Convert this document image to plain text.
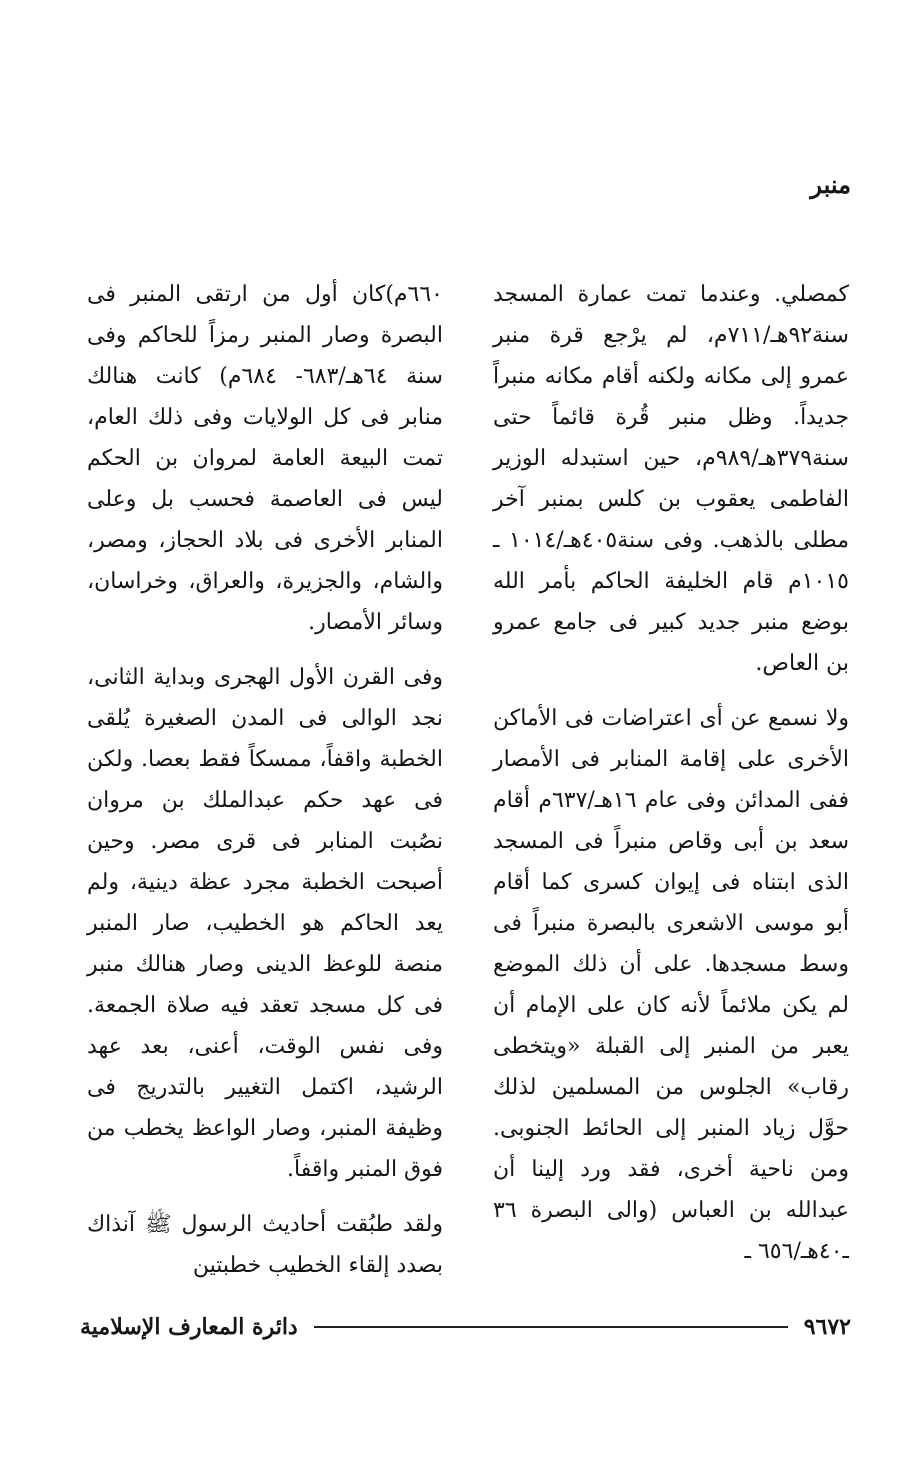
منبر

كمصلي. وعندما تمت عمارة المسجد سنة٩٢هـ/٧١١م، لم يرْجع قرة منبر عمرو إلى مكانه ولكنه أقام مكانه منبراً جديداً. وظل منبر قُرة قائماً حتى سنة٣٧٩هـ/٩٨٩م، حين استبدله الوزير الفاطمى يعقوب بن كلس بمنبر آخر مطلى بالذهب. وفى سنة٤٠٥هـ/١٠١٤ ـ ١٠١٥م قام الخليفة الحاكم بأمر الله بوضع منبر جديد كبير فى جامع عمرو بن العاص.

ولا نسمع عن أى اعتراضات فى الأماكن الأخرى على إقامة المنابر فى الأمصار ففى المدائن وفى عام ١٦هـ/٦٣٧م أقام سعد بن أبى وقاص منبراً فى المسجد الذى ابتناه فى إيوان كسرى كما أقام أبو موسى الاشعرى بالبصرة منبراً فى وسط مسجدها. على أن ذلك الموضع لم يكن ملائماً لأنه كان على الإمام أن يعبر من المنبر إلى القبلة «ويتخطى رقاب» الجلوس من المسلمين لذلك حوَّل زياد المنبر إلى الحائط الجنوبى. ومن ناحية أخرى، فقد ورد إلينا أن عبدالله بن العباس (والى البصرة ٣٦ ـ٤٠هـ/٦٥٦ ـ

٦٦٠م)كان أول من ارتقى المنبر فى البصرة وصار المنبر رمزاً للحاكم وفى سنة ٦٤هـ/٦٨٣- ٦٨٤م) كانت هنالك منابر فى كل الولايات وفى ذلك العام، تمت البيعة العامة لمروان بن الحكم ليس فى العاصمة فحسب بل وعلى المنابر الأخرى فى بلاد الحجاز، ومصر، والشام، والجزيرة، والعراق، وخراسان، وسائر الأمصار.

وفى القرن الأول الهجرى وبداية الثانى، نجد الوالى فى المدن الصغيرة يُلقى الخطبة واقفاً، ممسكاً فقط بعصا. ولكن فى عهد حكم عبدالملك بن مروان نصُبت المنابر فى قرى مصر. وحين أصبحت الخطبة مجرد عظة دينية، ولم يعد الحاكم هو الخطيب، صار المنبر منصة للوعظ الدينى وصار هنالك منبر فى كل مسجد تعقد فيه صلاة الجمعة. وفى نفس الوقت، أعنى، بعد عهد الرشيد، اكتمل التغيير بالتدريج فى وظيفة المنبر، وصار الواعظ يخطب من فوق المنبر واقفاً.

ولقد طبُقت أحاديث الرسول ﷺ آنذاك بصدد إلقاء الخطيب خطبتين

٩٦٧٢
دائرة المعارف الإسلامية
